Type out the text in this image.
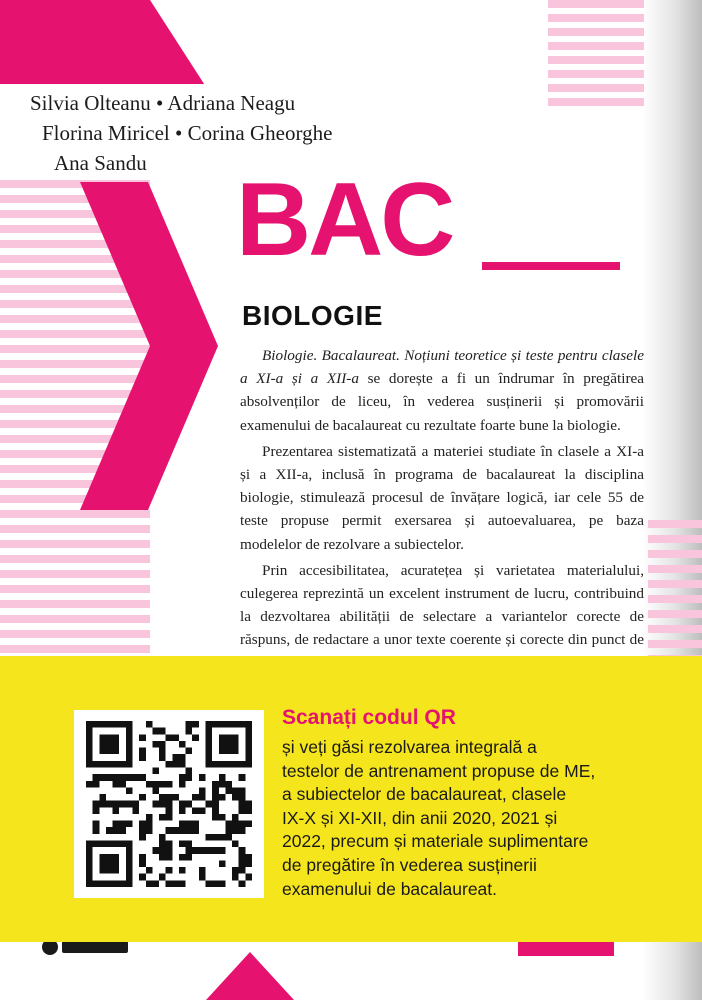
Silvia Olteanu • Adriana Neagu
Florina Miricel • Corina Gheorghe
Ana Sandu BAC
BIOLOGIE

Biologie. Bacalaureat. Noțiuni teoretice și teste pentru clasele a XI-a și a XII-a se dorește a fi un îndrumar în pregătirea absolvenților de liceu, în vederea susținerii și promovării examenului de bacalaureat cu rezultate foarte bune la biologie.

Prezentarea sistematizată a materiei studiate în clasele a XI-a și a XII-a, inclusă în programa de bacalaureat la disciplina biologie, stimulează procesul de învățare logică, iar cele 55 de teste propuse permit exersarea și autoevaluarea, pe baza modelelor de rezolvare a subiectelor.

Prin accesibilitatea, acuratețea și varietatea materialului, culegerea reprezintă un excelent instrument de lucru, contribuind la dezvoltarea abilității de selectare a variantelor corecte de răspuns, de redactare a unor texte coerente și corecte din punct de

Scanați codul QR
și veți găsi rezolvarea integrală a
testelor de antrenament propuse de ME,
a subiectelor de bacalaureat, clasele
IX-X și XI-XII, din anii 2020, 2021 și
2022, precum și materiale suplimentare
de pregătire în vederea susținerii
examenului de bacalaureat.
